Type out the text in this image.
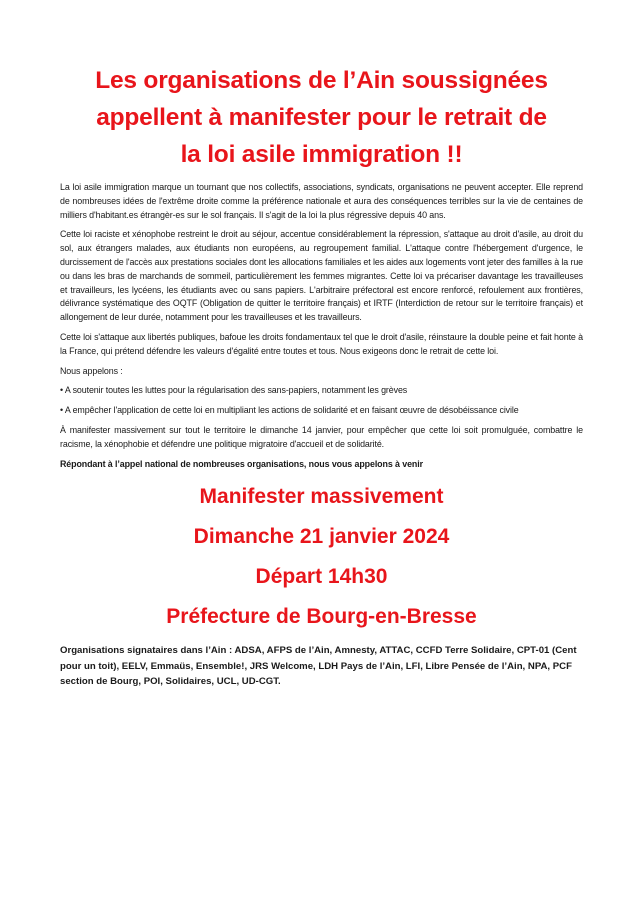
Les organisations de l’Ain soussignées
appellent à manifester pour le retrait de
la loi asile immigration !!

La loi asile immigration marque un tournant que nos collectifs, associations, syndicats, organisations ne peuvent accepter. Elle reprend de nombreuses idées de l'extrême droite comme la préférence nationale et aura des conséquences terribles sur la vie de centaines de milliers d'habitant.es étrangèr-es sur le sol français. Il s'agit de la loi la plus régressive depuis 40 ans.

Cette loi raciste et xénophobe restreint le droit au séjour, accentue considérablement la répression, s'attaque au droit d'asile, au droit du sol, aux étrangers malades, aux étudiants non européens, au regroupement familial. L'attaque contre l'hébergement d'urgence, le durcissement de l'accès aux prestations sociales dont les allocations familiales et les aides aux logements vont jeter des familles à la rue ou dans les bras de marchands de sommeil, particulièrement les femmes migrantes. Cette loi va précariser davantage les travailleuses et travailleurs, les lycéens, les étudiants avec ou sans papiers. L'arbitraire préfectoral est encore renforcé, refoulement aux frontières, délivrance systématique des OQTF (Obligation de quitter le territoire français) et IRTF (Interdiction de retour sur le territoire français) et allongement de leur durée, notamment pour les travailleuses et les travailleurs.

Cette loi s'attaque aux libertés publiques, bafoue les droits fondamentaux tel que le droit d'asile, réinstaure la double peine et fait honte à la France, qui prétend défendre les valeurs d'égalité entre toutes et tous. Nous exigeons donc le retrait de cette loi.

Nous appelons :

• A soutenir toutes les luttes pour la régularisation des sans-papiers, notamment les grèves

• A empêcher l'application de cette loi en multipliant les actions de solidarité et en faisant œuvre de désobéissance civile

À manifester massivement sur tout le territoire le dimanche 14 janvier, pour empêcher que cette loi soit promulguée, combattre le racisme, la xénophobie et défendre une politique migratoire d'accueil et de solidarité.

Répondant à l’appel national de nombreuses organisations, nous vous appelons à venir

Manifester massivement

Dimanche 21 janvier 2024

Départ 14h30

Préfecture de Bourg-en-Bresse

Organisations signataires dans l’Ain : ADSA, AFPS de l’Ain, Amnesty, ATTAC, CCFD Terre Solidaire, CPT-01 (Cent pour un toit), EELV, Emmaüs, Ensemble!, JRS Welcome, LDH Pays de l’Ain, LFI, Libre Pensée de l’Ain, NPA, PCF section de Bourg, POI, Solidaires, UCL, UD-CGT.
